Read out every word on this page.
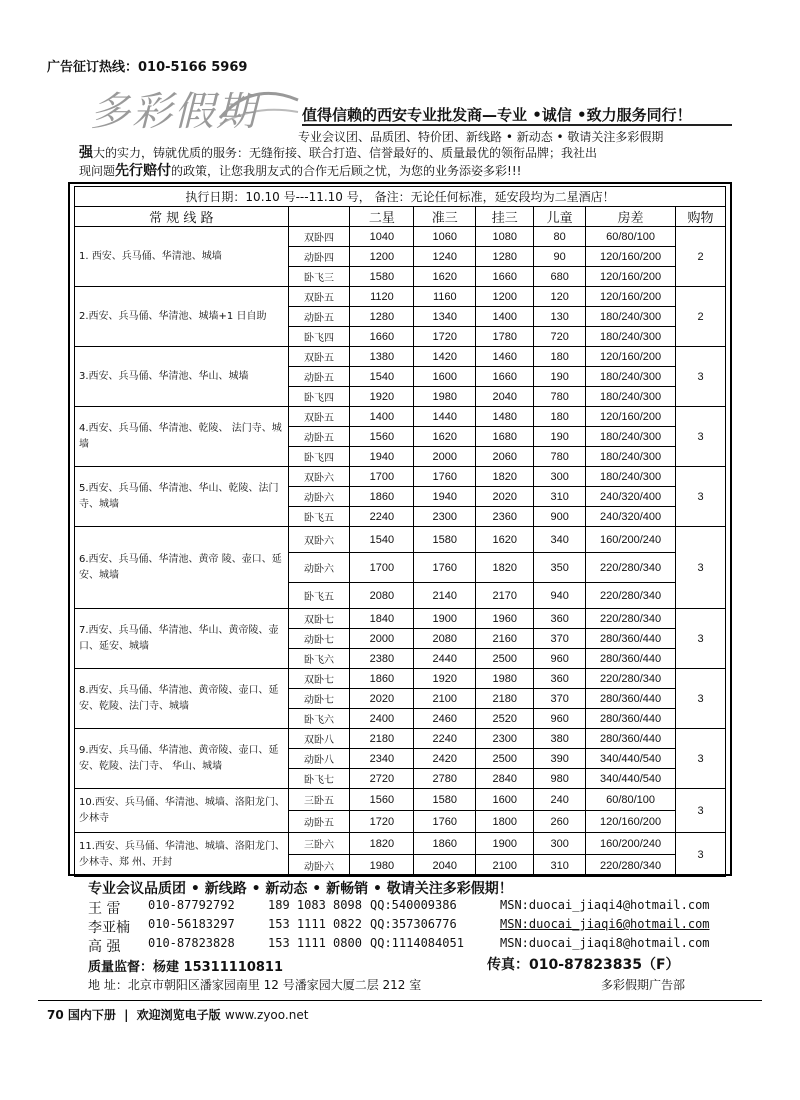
广告征订热线：010-5166 5969
多彩假期	值得信赖的西安专业批发商—专业 •诚信 •致力服务同行！
专业会议团、品质团、特价团、新线路 • 新动态 • 敬请关注多彩假期
强大的实力，铸就优质的服务：无缝衔接、联合打造、信誉最好的、质量最优的领衔品牌；我社出
现问题先行赔付的政策，让您我朋友式的合作无后顾之忧，为您的业务添姿多彩!!!
执行日期：10.10 号---11.10 号， 备注：无论任何标准，延安段均为二星酒店！							
常 规 线 路		二星	准三	挂三	儿童	房差	购物
1. 西安、兵马俑、华清池、城墙	双卧四	1040	1060	1080	80	60/80/100	2
	动卧四	1200	1240	1280	90	120/160/200	
	卧飞三	1580	1620	1660	680	120/160/200	
2.西安、兵马俑、华清池、城墙+1 日自助	双卧五	1120	1160	1200	120	120/160/200	2
	动卧五	1280	1340	1400	130	180/240/300	
	卧飞四	1660	1720	1780	720	180/240/300	
3.西安、兵马俑、华清池、华山、城墙	双卧五	1380	1420	1460	180	120/160/200	3
	动卧五	1540	1600	1660	190	180/240/300	
	卧飞四	1920	1980	2040	780	180/240/300	
4.西安、兵马俑、华清池、乾陵、 法门寺、城墙	双卧五	1400	1440	1480	180	120/160/200	3
	动卧五	1560	1620	1680	190	180/240/300	
	卧飞四	1940	2000	2060	780	180/240/300	
5.西安、兵马俑、华清池、华山、乾陵、法门寺、城墙	双卧六	1700	1760	1820	300	180/240/300	3
	动卧六	1860	1940	2020	310	240/320/400	
	卧飞五	2240	2300	2360	900	240/320/400	
6.西安、兵马俑、华清池、黄帝 陵、壶口、延安、城墙	双卧六	1540	1580	1620	340	160/200/240	3
	动卧六	1700	1760	1820	350	220/280/340	
	卧飞五	2080	2140	2170	940	220/280/340	
7.西安、兵马俑、华清池、华山、黄帝陵、壶口、延安、城墙	双卧七	1840	1900	1960	360	220/280/340	3
	动卧七	2000	2080	2160	370	280/360/440	
	卧飞六	2380	2440	2500	960	280/360/440	
8.西安、兵马俑、华清池、黄帝陵、壶口、延安、乾陵、法门寺、城墙	双卧七	1860	1920	1980	360	220/280/340	3
	动卧七	2020	2100	2180	370	280/360/440	
	卧飞六	2400	2460	2520	960	280/360/440	
9.西安、兵马俑、华清池、黄帝陵、壶口、延安、乾陵、法门寺、 华山、城墙	双卧八	2180	2240	2300	380	280/360/440	3
	动卧八	2340	2420	2500	390	340/440/540	
	卧飞七	2720	2780	2840	980	340/440/540	
10.西安、兵马俑、华清池、城墙、洛阳龙门、少林寺	三卧五	1560	1580	1600	240	60/80/100	3
	动卧五	1720	1760	1800	260	120/160/200	
11.西安、兵马俑、华清池、城墙、洛阳龙门、少林寺、郑 州、开封	三卧六	1820	1860	1900	300	160/200/240	3
	动卧六	1980	2040	2100	310	220/280/340	
专业会议品质团 • 新线路 • 新动态 • 新畅销 • 敬请关注多彩假期！
王 雷 010-87792792	189 1083 8098 QQ:540009386	MSN:duocai_jiaqi4@hotmail.com
李亚楠 010-56183297	153 1111 0822 QQ:357306776	MSN:duocai_jiaqi6@hotmail.com
高 强 010-87823828	153 1111 0800 QQ:1114084051	MSN:duocai_jiaqi8@hotmail.com
质量监督：杨建 15311110811	传真：010-87823835（F）
地 址：北京市朝阳区潘家园南里 12 号潘家园大厦二层 212 室	多彩假期广告部
70 国内下册 | 欢迎浏览电子版 www.zyoo.net
